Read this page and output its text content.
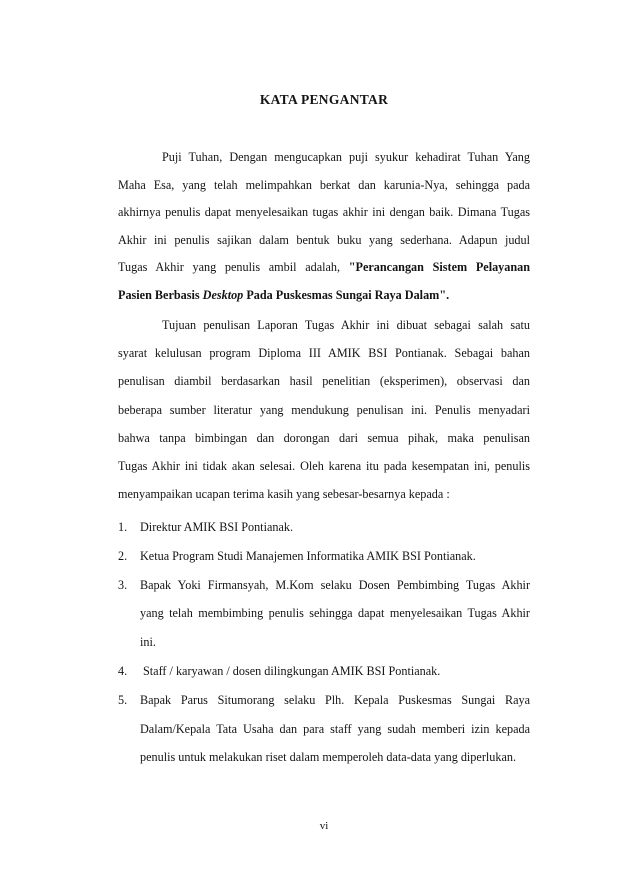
KATA PENGANTAR
Puji Tuhan, Dengan mengucapkan puji syukur kehadirat Tuhan Yang
Maha Esa, yang telah melimpahkan berkat dan karunia-Nya, sehingga pada
akhirnya penulis dapat menyelesaikan tugas akhir ini dengan baik. Dimana Tugas
Akhir ini penulis sajikan dalam bentuk buku yang sederhana. Adapun judul
Tugas Akhir yang penulis ambil adalah, "Perancangan Sistem Pelayanan
Pasien Berbasis Desktop Pada Puskesmas Sungai Raya Dalam".
Tujuan penulisan Laporan Tugas Akhir ini dibuat sebagai salah satu
syarat kelulusan program Diploma III AMIK BSI Pontianak. Sebagai bahan
penulisan diambil berdasarkan hasil penelitian (eksperimen), observasi dan
beberapa sumber literatur yang mendukung penulisan ini. Penulis menyadari
bahwa tanpa bimbingan dan dorongan dari semua pihak, maka penulisan
Tugas Akhir ini tidak akan selesai. Oleh karena itu pada kesempatan ini, penulis
menyampaikan ucapan terima kasih yang sebesar-besarnya kepada :
1. Direktur AMIK BSI Pontianak.
2. Ketua Program Studi Manajemen Informatika AMIK BSI Pontianak.
3. Bapak Yoki Firmansyah, M.Kom selaku Dosen Pembimbing Tugas Akhir
yang telah membimbing penulis sehingga dapat menyelesaikan Tugas Akhir
ini.
4. Staff / karyawan / dosen dilingkungan AMIK BSI Pontianak.
5. Bapak Parus Situmorang selaku Plh. Kepala Puskesmas Sungai Raya
Dalam/Kepala Tata Usaha dan para staff yang sudah memberi izin kepada
penulis untuk melakukan riset dalam memperoleh data-data yang diperlukan.
vi
